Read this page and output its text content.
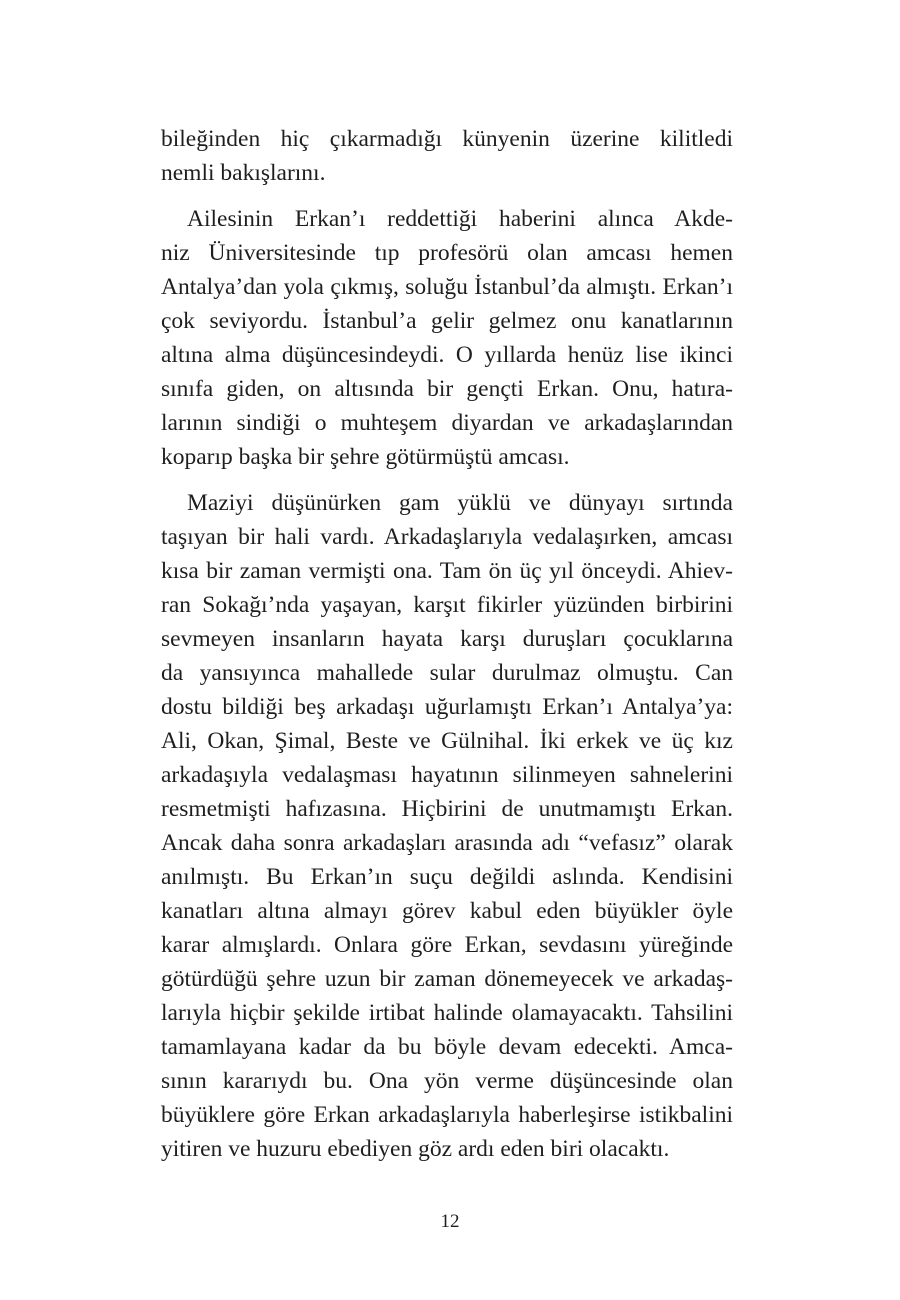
bileğinden hiç çıkarmadığı künyenin üzerine kilitledi
nemli bakışlarını.
Ailesinin Erkan’ı reddettiği haberini alınca Akde-
niz Üniversitesinde tıp profesörü olan amcası hemen
Antalya’dan yola çıkmış, soluğu İstanbul’da almıştı. Erkan’ı
çok seviyordu. İstanbul’a gelir gelmez onu kanatlarının
altına alma düşüncesindeydi. O yıllarda henüz lise ikinci
sınıfa giden, on altısında bir gençti Erkan. Onu, hatıra-
larının sindiği o muhteşem diyardan ve arkadaşlarından
koparıp başka bir şehre götürmüştü amcası.
Maziyi düşünürken gam yüklü ve dünyayı sırtında
taşıyan bir hali vardı. Arkadaşlarıyla vedalaşırken, amcası
kısa bir zaman vermişti ona. Tam ön üç yıl önceydi. Ahiev-
ran Sokağı’nda yaşayan, karşıt fikirler yüzünden birbirini
sevmeyen insanların hayata karşı duruşları çocuklarına
da yansıyınca mahallede sular durulmaz olmuştu. Can
dostu bildiği beş arkadaşı uğurlamıştı Erkan’ı Antalya’ya:
Ali, Okan, Şimal, Beste ve Gülnihal. İki erkek ve üç kız
arkadaşıyla vedalaşması hayatının silinmeyen sahnelerini
resmetmişti hafızasına. Hiçbirini de unutmamıştı Erkan.
Ancak daha sonra arkadaşları arasında adı “vefasız” olarak
anılmıştı. Bu Erkan’ın suçu değildi aslında. Kendisini
kanatları altına almayı görev kabul eden büyükler öyle
karar almışlardı. Onlara göre Erkan, sevdasını yüreğinde
götürdüğü şehre uzun bir zaman dönemeyecek ve arkadaş-
larıyla hiçbir şekilde irtibat halinde olamayacaktı. Tahsilini
tamamlayana kadar da bu böyle devam edecekti. Amca-
sının kararıydı bu. Ona yön verme düşüncesinde olan
büyüklere göre Erkan arkadaşlarıyla haberleşirse istikbalini
yitiren ve huzuru ebediyen göz ardı eden biri olacaktı.
12
